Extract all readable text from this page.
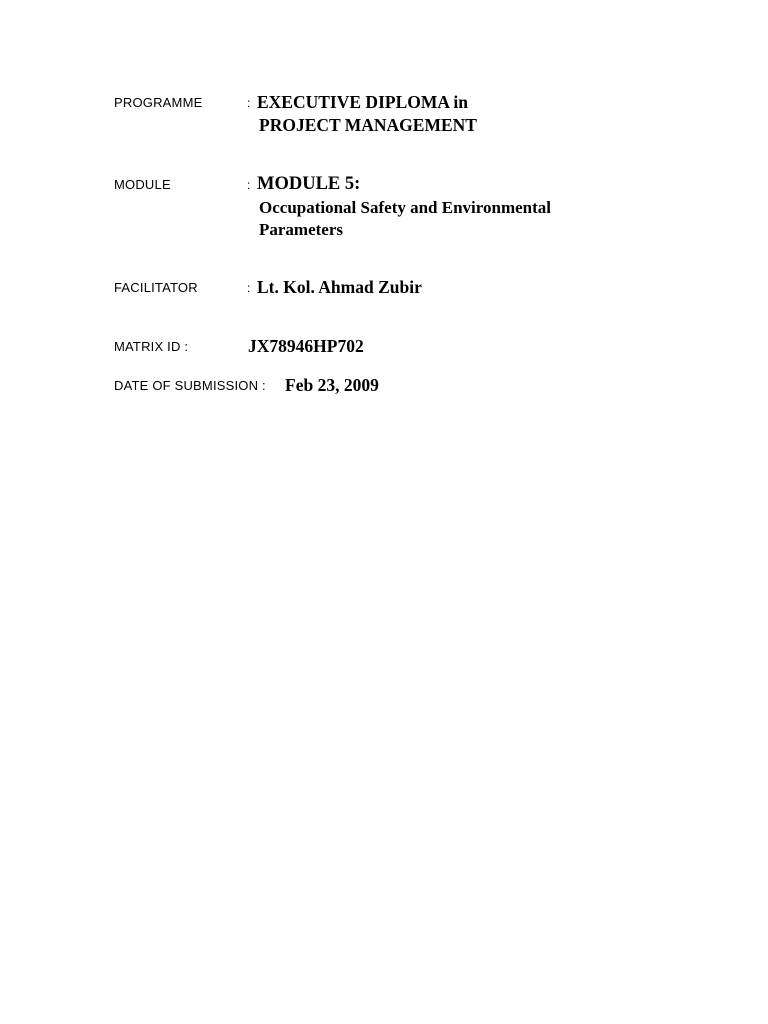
PROGRAMME	: EXECUTIVE DIPLOMA in
PROJECT MANAGEMENT
MODULE	: MODULE 5:
Occupational Safety and Environmental
Parameters
FACILITATOR	: Lt. Kol. Ahmad Zubir
MATRIX ID :	JX78946HP702
DATE OF SUBMISSION : Feb 23, 2009
